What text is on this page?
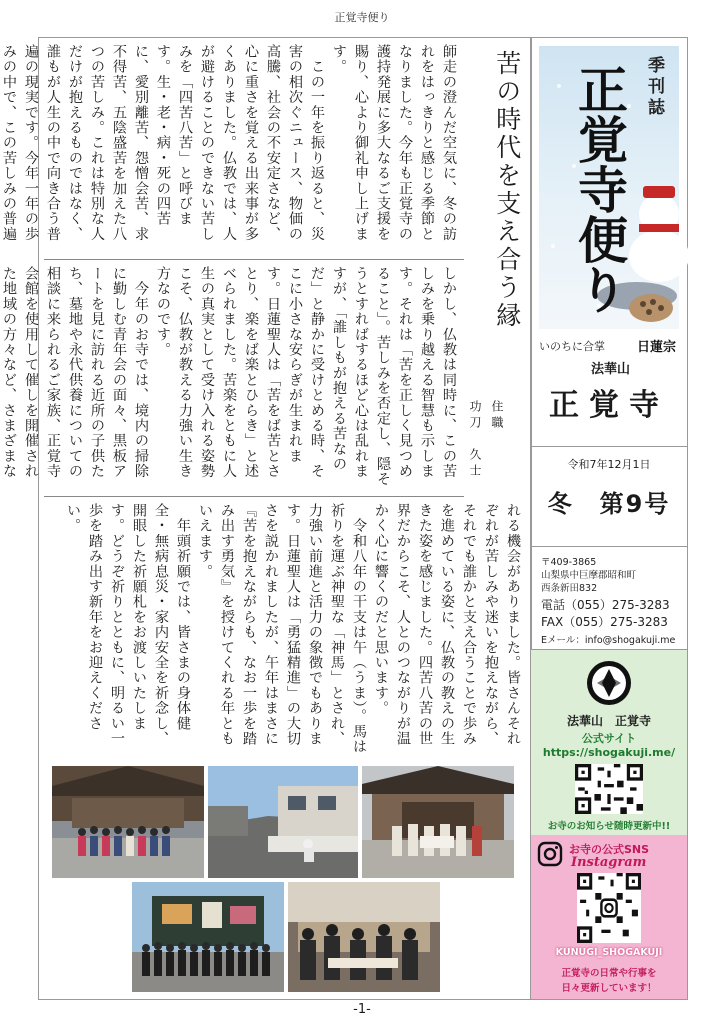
正覚寺便り
苦の時代を支え合う縁
住職
功刀　久士
師走の澄んだ空気に、冬の訪れをはっきりと感じる季節となりました。今年も正覚寺の護持発展に多大なるご支援を賜り、心より御礼申し上げます。
　この一年を振り返ると、災害の相次ぐニュース、物価の高騰、社会の不安定さなど、心に重さを覚える出来事が多くありました。仏教では、人が避けることのできない苦しみを「四苦八苦」と呼びます。生・老・病・死の四苦に、愛別離苦、怨憎会苦、求不得苦、五陰盛苦を加えた八つの苦しみ。これは特別な人だけが抱えるものではなく、誰もが人生の中で向き合う普遍の現実です。今年一年の歩みの中で、この苦しみの普遍
しかし、仏教は同時に、この苦しみを乗り越える智慧も示します。それは「苦を正しく見つめること」。苦しみを否定し、隠そうとすればするほど心は乱れますが、「誰しもが抱える苦なのだ」と静かに受けとめる時、そこに小さな安らぎが生まれます。日蓮聖人は「苦をば苦とさとり、楽をば楽とひらき」と述べられました。苦楽をともに人生の真実として受け入れる姿勢こそ、仏教が教える力強い生き方なのです。
　今年のお寺では、境内の掃除に勤しむ青年会の面々、黒板アートを見に訪れる近所の子供たち、墓地や永代供養についての相談に来られるご家族、正覚寺会館を使用して催しを開催された地域の方々など、さまざまな
れる機会がありました。皆さんそれぞれが苦しみや迷いを抱えながら、それでも誰かと支え合うことで歩みを進めている姿に、仏教の教えの生きた姿を感じました。四苦八苦の世界だからこそ、人とのつながりが温かく心に響くのだと思います。
　令和八年の干支は午（うま）。馬は祈りを運ぶ神聖な「神馬」とされ、力強い前進と活力の象徴でもあります。日蓮聖人は「勇猛精進」の大切さを説かれましたが、午年はまさに『苦を抱えながらも、なお一歩を踏み出す勇気』を授けてくれる年ともいえます。
　年頭祈願では、皆さまの身体健全・無病息災・家内安全を祈念し、開眼した祈願札をお渡しいたします。どうぞ祈りとともに、明るい一歩を踏み出す新年をお迎えください。
季刊誌
正覚寺便り
いのちに合掌 日蓮宗
法華山
正覚寺
令和7年12月1日
冬　第9号
〒409-3865
山梨県中巨摩郡昭和町
西条新田832
電話（055）275-3283
FAX（055）275-3283
Eメール：info@shogakuji.me
法華山　正覚寺
公式サイト
https://shogakuji.me/
お寺のお知らせ随時更新中!!
お寺の公式SNS
Instagram
KUNUGI_SHOGAKUJI
正覚寺の日常や行事を
日々更新しています！
-1-
